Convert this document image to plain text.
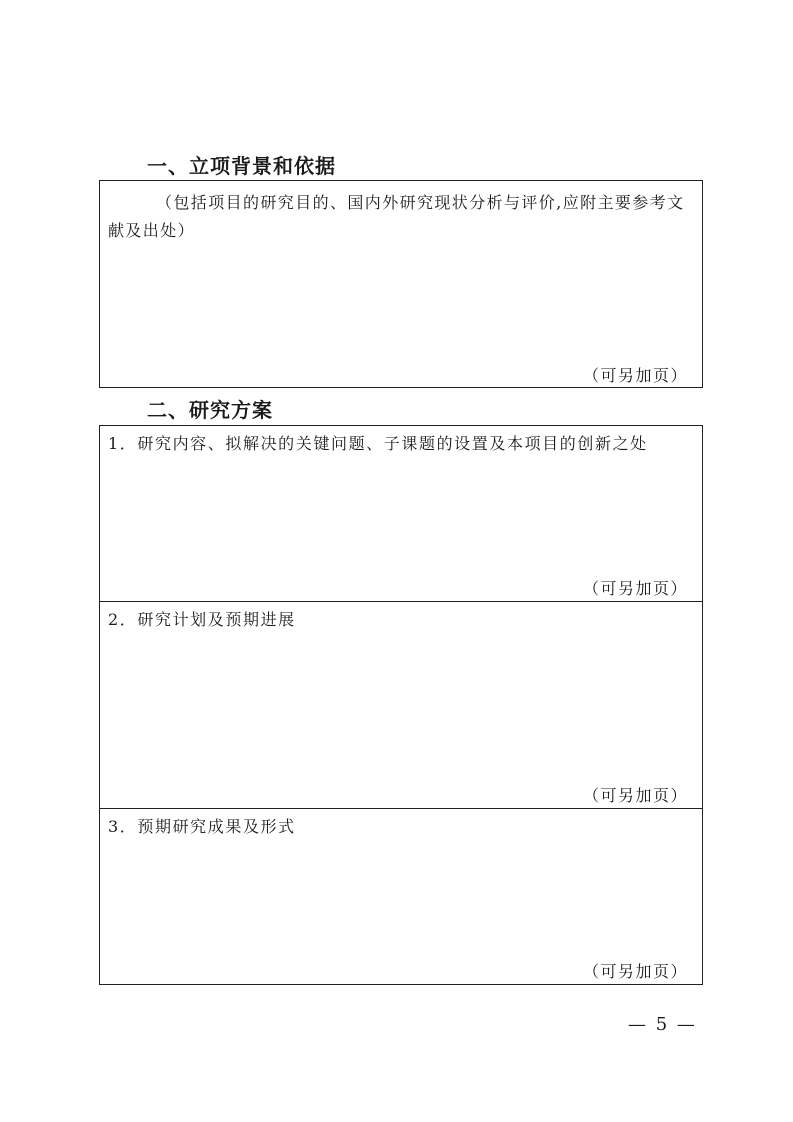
一、立项背景和依据

（包括项目的研究目的、国内外研究现状分析与评价,应附主要参考文献及出处）

（可另加页）
二、研究方案

1．研究内容、拟解决的关键问题、子课题的设置及本项目的创新之处

（可另加页）

2．研究计划及预期进展

（可另加页）

3．预期研究成果及形式

（可另加页）
— 5 —
